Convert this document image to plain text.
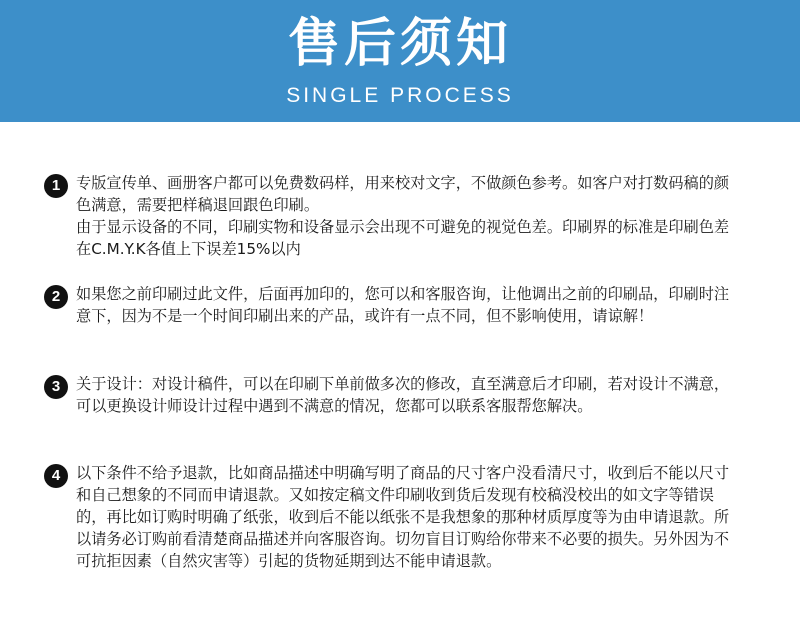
售后须知
SINGLE PROCESS
1	专版宣传单、画册客户都可以免费数码样，用来校对文字，不做颜色参考。如客户对打数码稿的颜色满意，需要把样稿退回跟色印刷。

由于显示设备的不同，印刷实物和设备显示会出现不可避免的视觉色差。印刷界的标准是印刷色差在C.M.Y.K各值上下误差15%以内

2	如果您之前印刷过此文件，后面再加印的，您可以和客服咨询，让他调出之前的印刷品，印刷时注意下，因为不是一个时间印刷出来的产品，或许有一点不同，但不影响使用，请谅解！

3	关于设计：对设计稿件，可以在印刷下单前做多次的修改，直至满意后才印刷，若对设计不满意，可以更换设计师设计过程中遇到不满意的情况，您都可以联系客服帮您解决。

4	以下条件不给予退款，比如商品描述中明确写明了商品的尺寸客户没看清尺寸，收到后不能以尺寸和自己想象的不同而申请退款。又如按定稿文件印刷收到货后发现有校稿没校出的如文字等错误的，再比如订购时明确了纸张，收到后不能以纸张不是我想象的那种材质厚度等为由申请退款。所以请务必订购前看清楚商品描述并向客服咨询。切勿盲目订购给你带来不必要的损失。另外因为不可抗拒因素（自然灾害等）引起的货物延期到达不能申请退款。
